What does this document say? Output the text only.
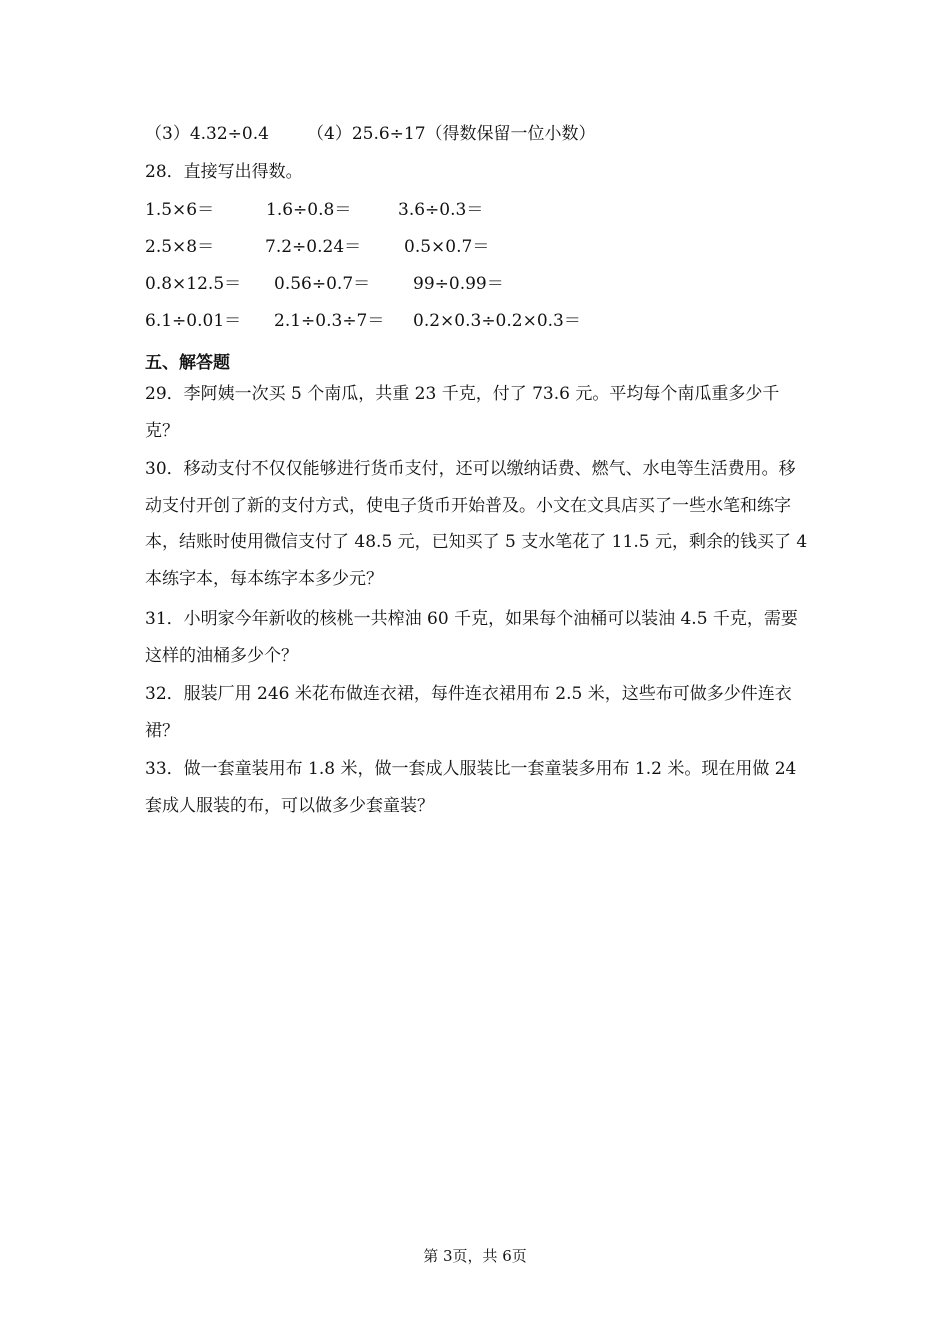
（3）4.32÷0.4 （4）25.6÷17（得数保留一位小数）
28．直接写出得数。
1.5×6＝	1.6÷0.8＝	3.6÷0.3＝
2.5×8＝	7.2÷0.24＝	0.5×0.7＝
0.8×12.5＝ 0.56÷0.7＝	99÷0.99＝
6.1÷0.01＝ 2.1÷0.3÷7＝ 0.2×0.3÷0.2×0.3＝
五、解答题
29．李阿姨一次买 5 个南瓜，共重 23 千克，付了 73.6 元。平均每个南瓜重多少千克？
30．移动支付不仅仅能够进行货币支付，还可以缴纳话费、燃气、水电等生活费用。移动支付开创了新的支付方式，使电子货币开始普及。小文在文具店买了一些水笔和练字本，结账时使用微信支付了 48.5 元，已知买了 5 支水笔花了 11.5 元，剩余的钱买了 4 本练字本，每本练字本多少元？
31．小明家今年新收的核桃一共榨油 60 千克，如果每个油桶可以装油 4.5 千克，需要这样的油桶多少个？
32．服装厂用 246 米花布做连衣裙，每件连衣裙用布 2.5 米，这些布可做多少件连衣裙？
33．做一套童装用布 1.8 米，做一套成人服装比一套童装多用布 1.2 米。现在用做 24 套成人服装的布，可以做多少套童装？
第 3页，共 6页
